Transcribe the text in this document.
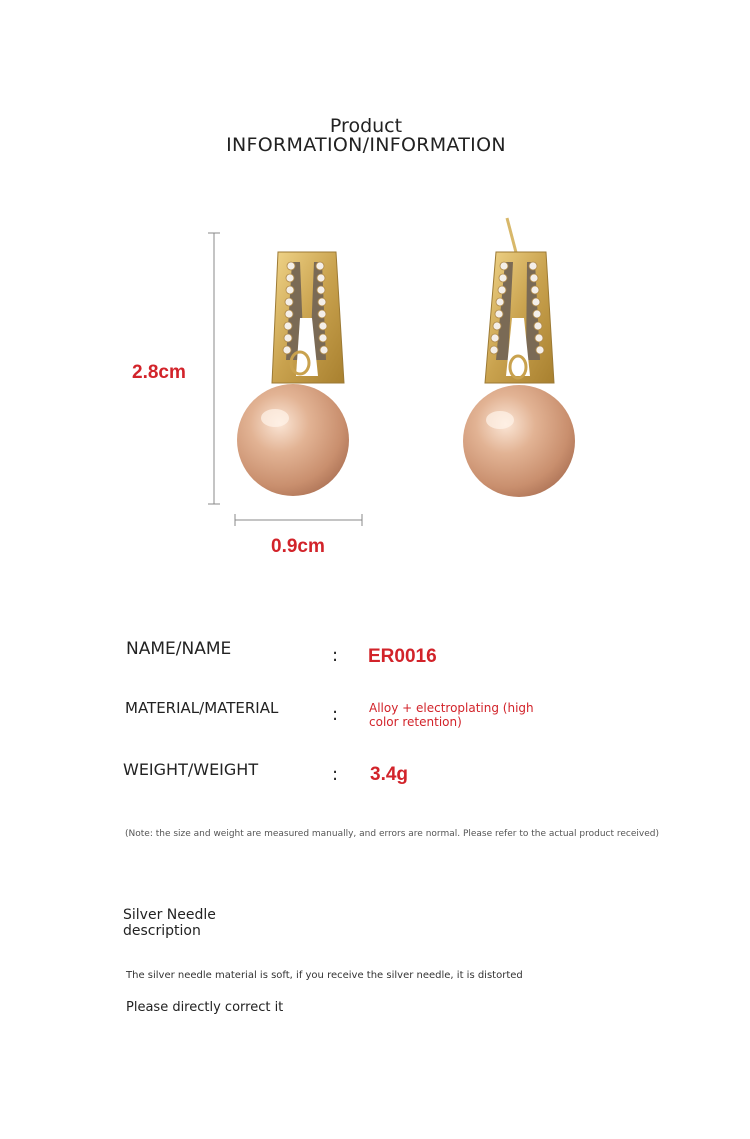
Product
INFORMATION/INFORMATION
2.8cm
0.9cm
NAME/NAME	: ER0016
MATERIAL/MATERIAL	:	Alloy + electroplating (high
color retention)
WEIGHT/WEIGHT	: 3.4g
(Note: the size and weight are measured manually, and errors are normal. Please refer to the actual product received)
Silver Needle
description
The silver needle material is soft, if you receive the silver needle, it is distorted
Please directly correct it
